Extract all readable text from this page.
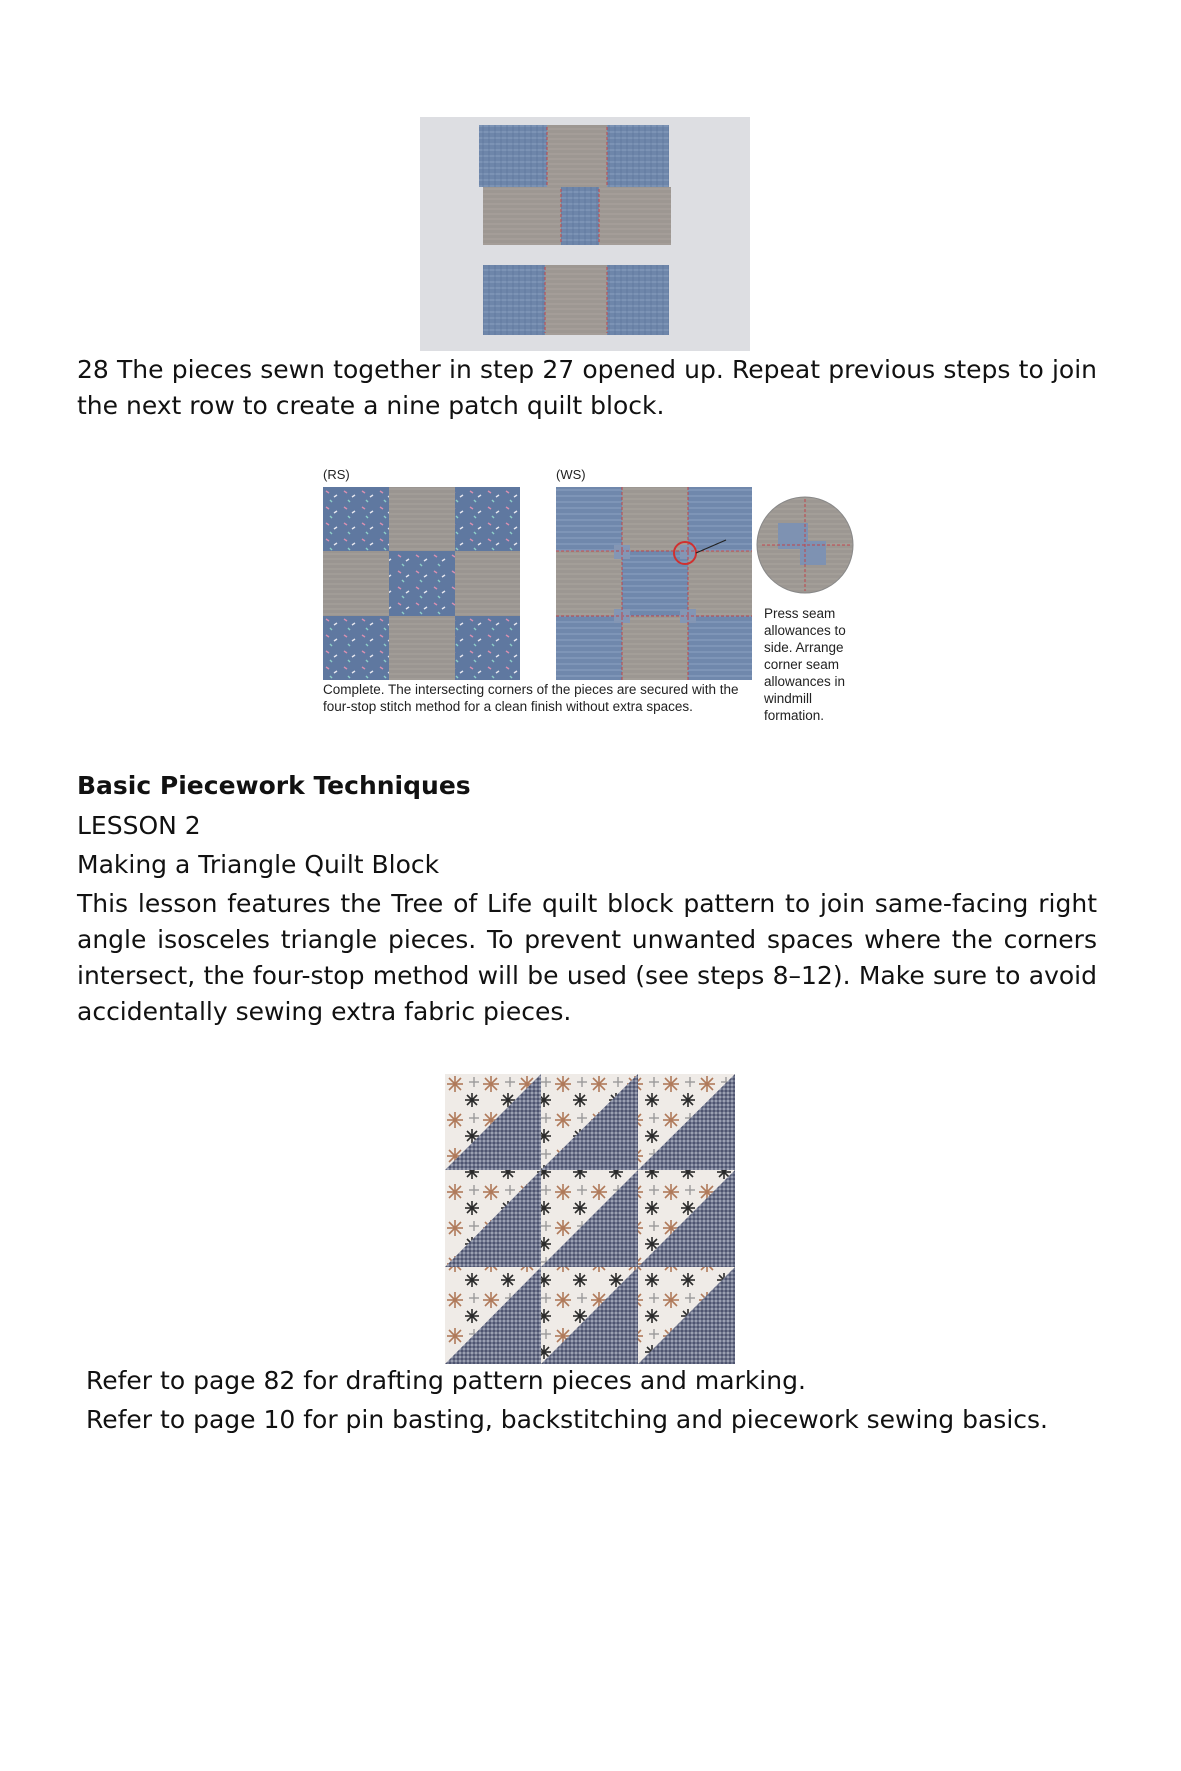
28 The pieces sewn together in step 27 opened up. Repeat previous steps to join the next row to create a nine patch quilt block.

(RS)	(WS)
Complete. The intersecting corners of the pieces are secured with the four-stop stitch method for a clean finish without extra spaces.
Press seam allowances to side. Arrange corner seam allowances in windmill formation.
Basic Piecework Techniques
LESSON 2
Making a Triangle Quilt Block

This lesson features the Tree of Life quilt block pattern to join same-facing right angle isosceles triangle pieces. To prevent unwanted spaces where the corners intersect, the four-stop method will be used (see steps 8–12). Make sure to avoid accidentally sewing extra fabric pieces.

Refer to page 82 for drafting pattern pieces and marking.
Refer to page 10 for pin basting, backstitching and piecework sewing basics.
